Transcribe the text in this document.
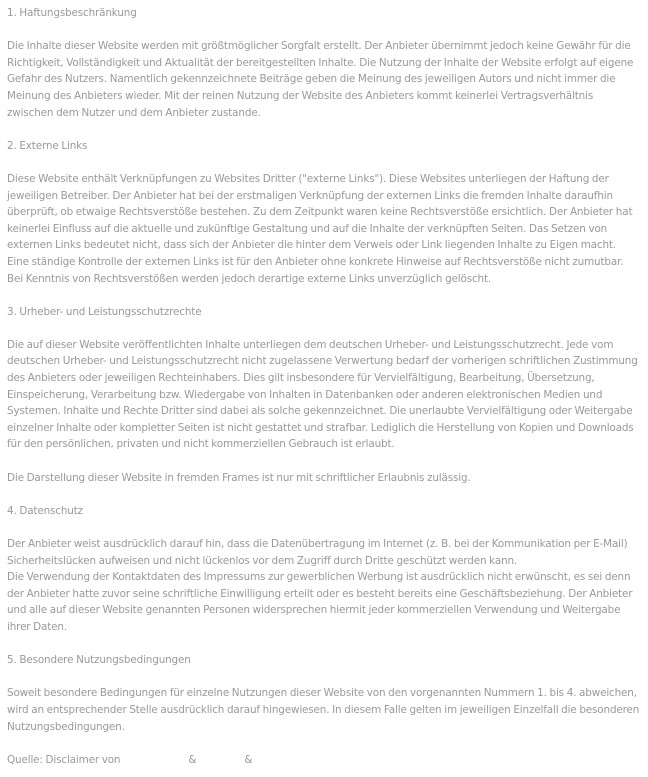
1. Haftungsbeschränkung

Die Inhalte dieser Website werden mit größtmöglicher Sorgfalt erstellt. Der Anbieter übernimmt jedoch keine Gewähr für die Richtigkeit, Vollständigkeit und Aktualität der bereitgestellten Inhalte. Die Nutzung der Inhalte der Website erfolgt auf eigene Gefahr des Nutzers. Namentlich gekennzeichnete Beiträge geben die Meinung des jeweiligen Autors und nicht immer die Meinung des Anbieters wieder. Mit der reinen Nutzung der Website des Anbieters kommt keinerlei Vertragsverhältnis zwischen dem Nutzer und dem Anbieter zustande.

2. Externe Links

Diese Website enthält Verknüpfungen zu Websites Dritter ("externe Links"). Diese Websites unterliegen der Haftung der jeweiligen Betreiber. Der Anbieter hat bei der erstmaligen Verknüpfung der externen Links die fremden Inhalte daraufhin überprüft, ob etwaige Rechtsverstöße bestehen. Zu dem Zeitpunkt waren keine Rechtsverstöße ersichtlich. Der Anbieter hat keinerlei Einfluss auf die aktuelle und zukünftige Gestaltung und auf die Inhalte der verknüpften Seiten. Das Setzen von externen Links bedeutet nicht, dass sich der Anbieter die hinter dem Verweis oder Link liegenden Inhalte zu Eigen macht. Eine ständige Kontrolle der externen Links ist für den Anbieter ohne konkrete Hinweise auf Rechtsverstöße nicht zumutbar. Bei Kenntnis von Rechtsverstößen werden jedoch derartige externe Links unverzüglich gelöscht.

3. Urheber- und Leistungsschutzrechte

Die auf dieser Website veröffentlichten Inhalte unterliegen dem deutschen Urheber- und Leistungsschutzrecht. Jede vom deutschen Urheber- und Leistungsschutzrecht nicht zugelassene Verwertung bedarf der vorherigen schriftlichen Zustimmung des Anbieters oder jeweiligen Rechteinhabers. Dies gilt insbesondere für Vervielfältigung, Bearbeitung, Übersetzung, Einspeicherung, Verarbeitung bzw. Wiedergabe von Inhalten in Datenbanken oder anderen elektronischen Medien und Systemen. Inhalte und Rechte Dritter sind dabei als solche gekennzeichnet. Die unerlaubte Vervielfältigung oder Weitergabe einzelner Inhalte oder kompletter Seiten ist nicht gestattet und strafbar. Lediglich die Herstellung von Kopien und Downloads für den persönlichen, privaten und nicht kommerziellen Gebrauch ist erlaubt.

Die Darstellung dieser Website in fremden Frames ist nur mit schriftlicher Erlaubnis zulässig.

4. Datenschutz

Der Anbieter weist ausdrücklich darauf hin, dass die Datenübertragung im Internet (z. B. bei der Kommunikation per E-Mail) Sicherheitslücken aufweisen und nicht lückenlos vor dem Zugriff durch Dritte geschützt werden kann.

Die Verwendung der Kontaktdaten des Impressums zur gewerblichen Werbung ist ausdrücklich nicht erwünscht, es sei denn der Anbieter hatte zuvor seine schriftliche Einwilligung erteilt oder es besteht bereits eine Geschäftsbeziehung. Der Anbieter und alle auf dieser Website genannten Personen widersprechen hiermit jeder kommerziellen Verwendung und Weitergabe ihrer Daten.

5. Besondere Nutzungsbedingungen

Soweit besondere Bedingungen für einzelne Nutzungen dieser Website von den vorgenannten Nummern 1. bis 4. abweichen, wird an entsprechender Stelle ausdrücklich darauf hingewiesen. In diesem Falle gelten im jeweiligen Einzelfall die besonderen Nutzungsbedingungen.

Quelle: Disclaimer von	&	&
